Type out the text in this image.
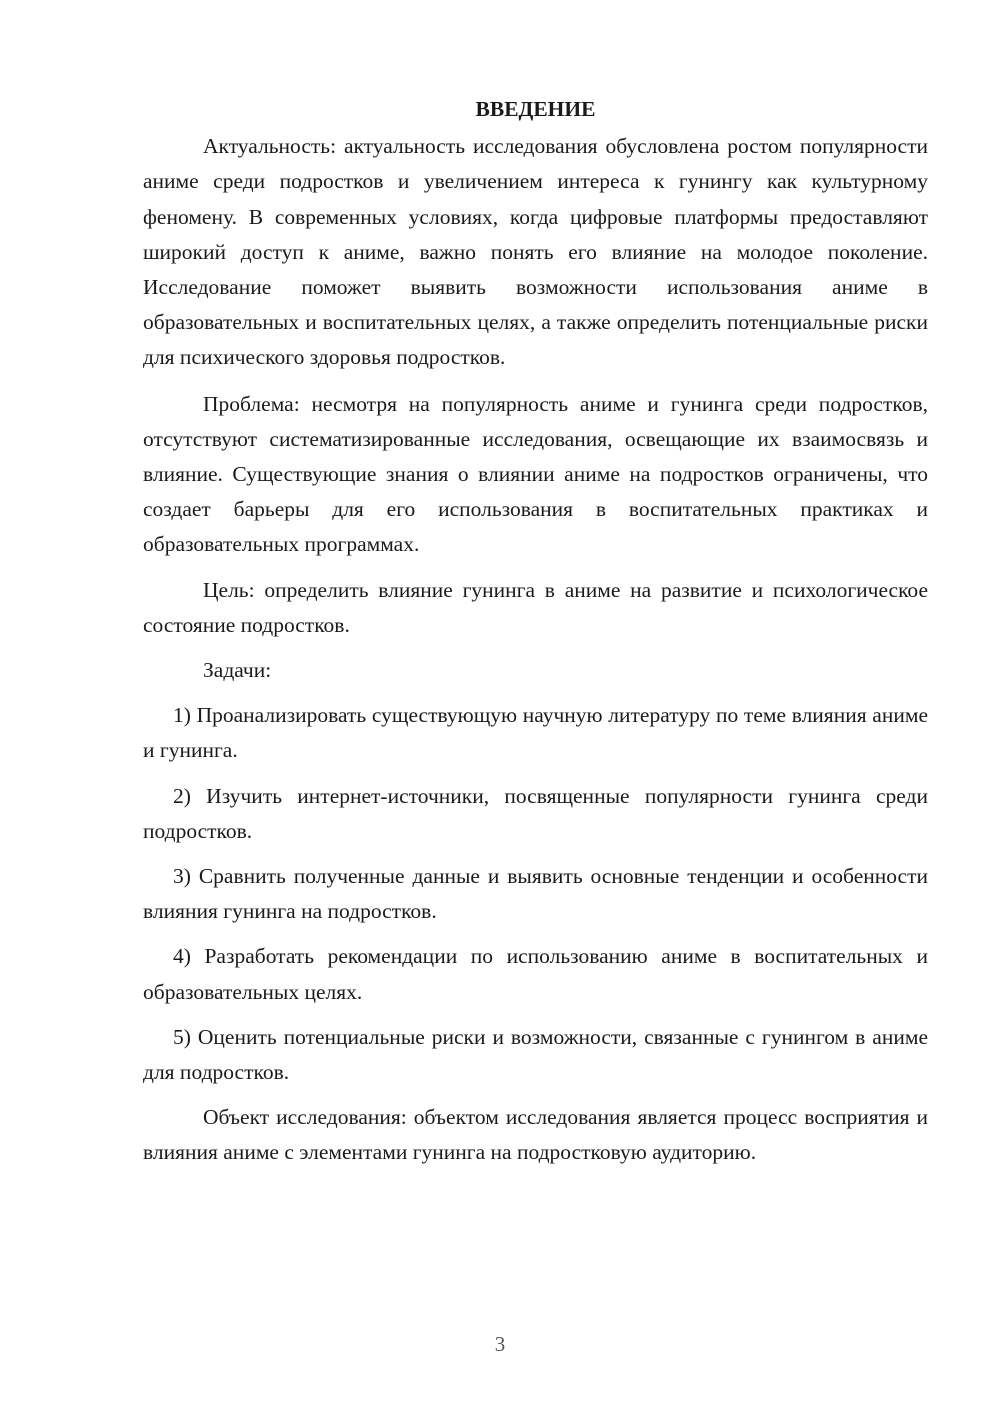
ВВЕДЕНИЕ

Актуальность: актуальность исследования обусловлена ростом популярности аниме среди подростков и увеличением интереса к гунингу как культурному феномену. В современных условиях, когда цифровые платформы предоставляют широкий доступ к аниме, важно понять его влияние на молодое поколение. Исследование поможет выявить возможности использования аниме в образовательных и воспитательных целях, а также определить потенциальные риски для психического здоровья подростков.

Проблема: несмотря на популярность аниме и гунинга среди подростков, отсутствуют систематизированные исследования, освещающие их взаимосвязь и влияние. Существующие знания о влиянии аниме на подростков ограничены, что создает барьеры для его использования в воспитательных практиках и образовательных программах.

Цель: определить влияние гунинга в аниме на развитие и психологическое состояние подростков.

Задачи:

1) Проанализировать существующую научную литературу по теме влияния аниме и гунинга.

2) Изучить интернет-источники, посвященные популярности гунинга среди подростков.

3) Сравнить полученные данные и выявить основные тенденции и особенности влияния гунинга на подростков.

4) Разработать рекомендации по использованию аниме в воспитательных и образовательных целях.

5) Оценить потенциальные риски и возможности, связанные с гунингом в аниме для подростков.

Объект исследования: объектом исследования является процесс восприятия и влияния аниме с элементами гунинга на подростковую аудиторию.

3
